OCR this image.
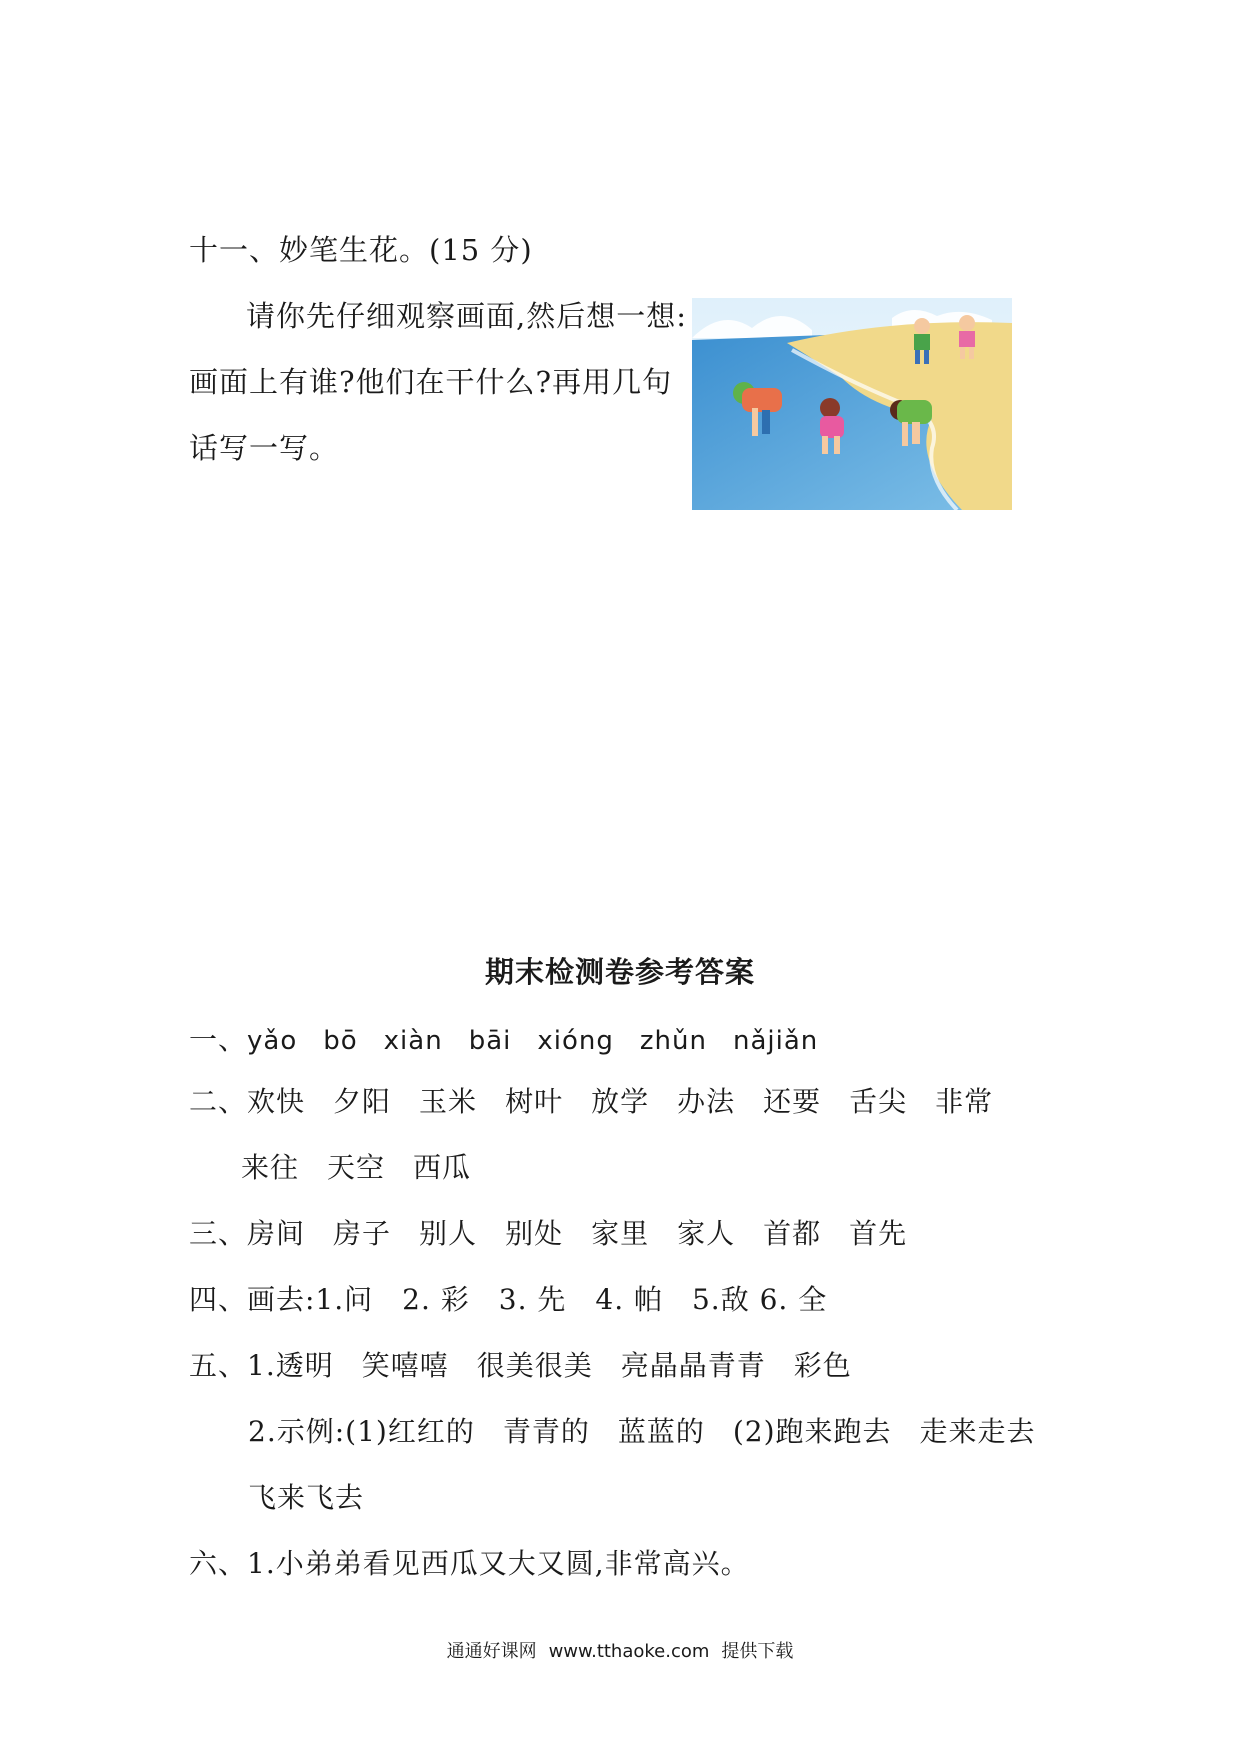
十一、妙笔生花。(15 分)
请你先仔细观察画面,然后想一想:
画面上有谁?他们在干什么?再用几句
话写一写。
期末检测卷参考答案
一、yǎo bō xiàn bāi xióng zhǔn nǎjiǎn
二、欢快 夕阳 玉米 树叶 放学 办法 还要 舌尖 非常
来往 天空 西瓜
三、房间 房子 别人 别处 家里 家人 首都 首先
四、画去:1.问　2. 彩　3. 先　4. 帕　5.敌 6. 全
五、1.透明 笑嘻嘻 很美很美 亮晶晶青青 彩色
2.示例:(1)红红的 青青的 蓝蓝的 (2)跑来跑去 走来走去
飞来飞去
六、1.小弟弟看见西瓜又大又圆,非常高兴。
通通好课网 www.tthaoke.com 提供下载
